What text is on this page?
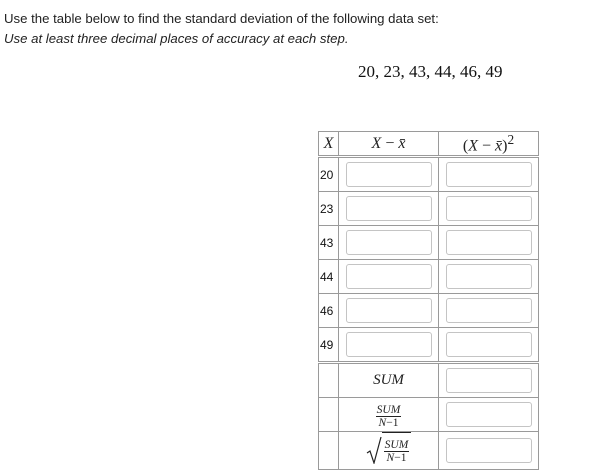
Use the table below to find the standard deviation of the following data set:
Use at least three decimal places of accuracy at each step.
20, 23, 43, 44, 46, 49
X	X − x̄	(X − x̄)$^2$
20	

23	

43	

44	

46	

49	

	SUM	

	$\frac{\text{SUM}}{N-1}$

	$\frac{\text{SUM}}{N-1}$
